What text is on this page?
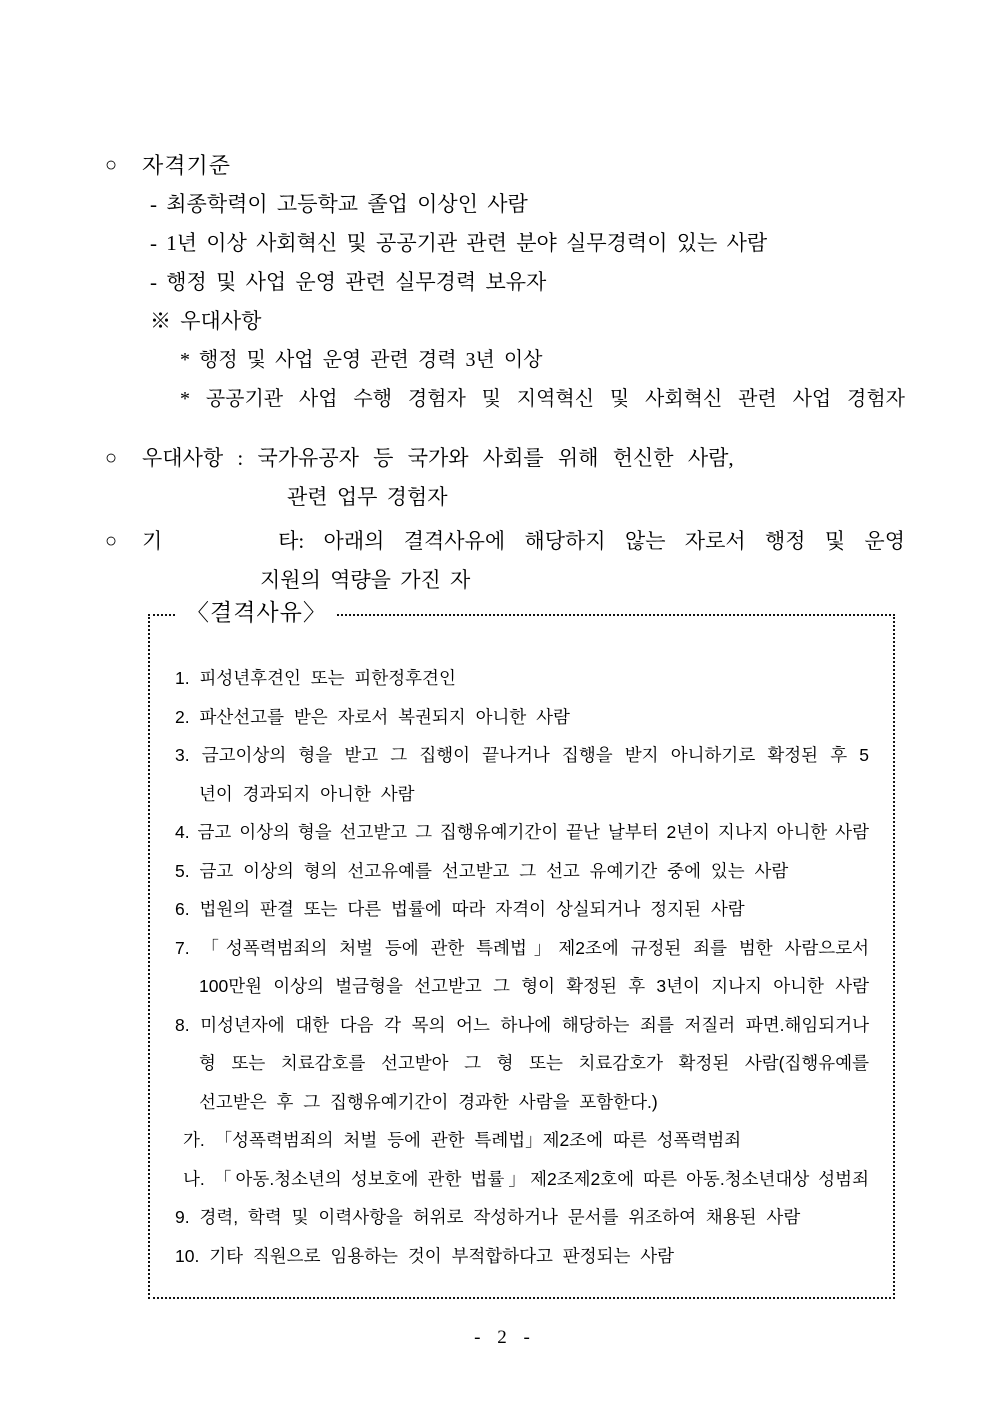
○	자격기준
- 최종학력이 고등학교 졸업 이상인 사람
- 1년 이상 사회혁신 및 공공기관 관련 분야 실무경력이 있는 사람
- 행정 및 사업 운영 관련 실무경력 보유자
※ 우대사항
* 행정 및 사업 운영 관련 경력 3년 이상
* 공공기관 사업 수행 경험자 및 지역혁신 및 사회혁신 관련 사업 경험자
○	우대사항 : 국가유공자 등 국가와 사회를 위해 헌신한 사람,
관련 업무 경험자
○	기      타: 아래의 결격사유에 해당하지 않는 자로서 행정 및 운영
지원의 역량을 가진 자
〈결격사유〉
1. 피성년후견인 또는 피한정후견인
2. 파산선고를 받은 자로서 복권되지 아니한 사람
3. 금고이상의 형을 받고 그 집행이 끝나거나 집행을 받지 아니하기로 확정된 후 5
년이 경과되지 아니한 사람
4. 금고 이상의 형을 선고받고 그 집행유예기간이 끝난 날부터 2년이 지나지 아니한 사람
5. 금고 이상의 형의 선고유예를 선고받고 그 선고 유예기간 중에 있는 사람
6. 법원의 판결 또는 다른 법률에 따라 자격이 상실되거나 정지된 사람
7. 「성폭력범죄의 처벌 등에 관한 특례법」제2조에 규정된 죄를 범한 사람으로서
100만원 이상의 벌금형을 선고받고 그 형이 확정된 후 3년이 지나지 아니한 사람
8. 미성년자에 대한 다음 각 목의 어느 하나에 해당하는 죄를 저질러 파면.해임되거나
형 또는 치료감호를 선고받아 그 형 또는 치료감호가 확정된 사람(집행유예를
선고받은 후 그 집행유예기간이 경과한 사람을 포함한다.)
가. 「성폭력범죄의 처벌 등에 관한 특례법」제2조에 따른 성폭력범죄
나. 「아동.청소년의 성보호에 관한 법률」제2조제2호에 따른 아동.청소년대상 성범죄
9. 경력, 학력 및 이력사항을 허위로 작성하거나 문서를 위조하여 채용된 사람
10. 기타 직원으로 임용하는 것이 부적합하다고 판정되는 사람
- 2 -
